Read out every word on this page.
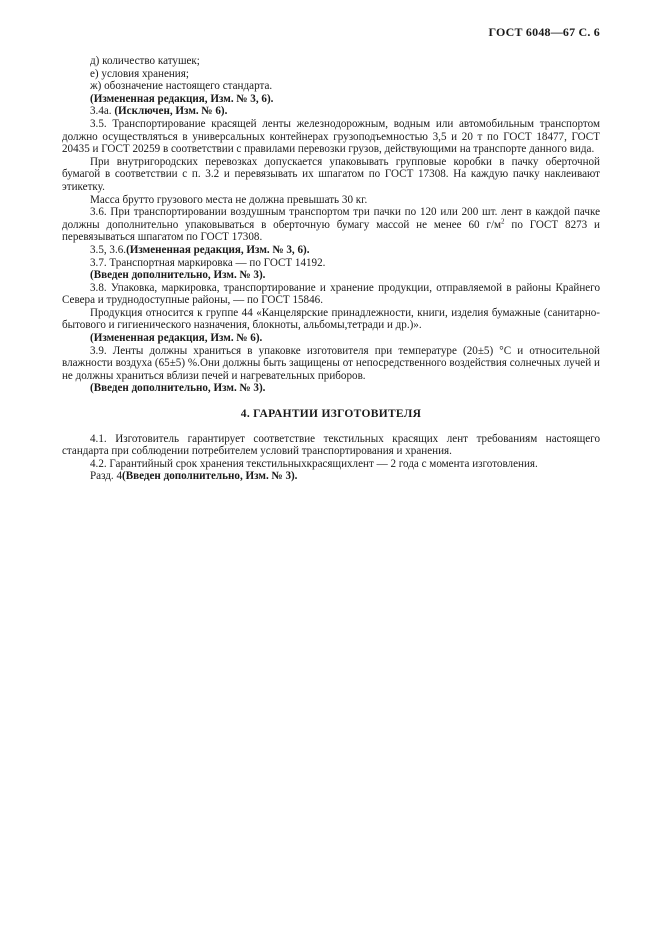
ГОСТ 6048—67 С. 6

д) количество катушек;

е) условия хранения;

ж) обозначение настоящего стандарта.

(Измененная редакция, Изм. № 3, 6).

3.4а. (Исключен, Изм. № 6).

3.5. Транспортирование красящей ленты железнодорожным, водным или автомобильным транспортом должно осуществляться в универсальных контейнерах грузоподъемностью 3,5 и 20 т по ГОСТ 18477, ГОСТ 20435 и ГОСТ 20259 в соответствии с правилами перевозки грузов, действующими на транспорте данного вида.

При внутригородских перевозках допускается упаковывать групповые коробки в пачку оберточной бумагой в соответствии с п. 3.2 и перевязывать их шпагатом по ГОСТ 17308. На каждую пачку наклеивают этикетку.

Масса брутто грузового места не должна превышать 30 кг.

3.6. При транспортировании воздушным транспортом три пачки по 120 или 200 шт. лент в каждой пачке должны дополнительно упаковываться в оберточную бумагу массой не менее 60 $г/м^2$ по ГОСТ 8273 и перевязываться шпагатом по ГОСТ 17308.

3.5, 3.6.(Измененная редакция, Изм. № 3, 6).

3.7. Транспортная маркировка — по ГОСТ 14192.

(Введен дополнительно, Изм. № 3).

3.8. Упаковка, маркировка, транспортирование и хранение продукции, отправляемой в районы Крайнего Севера и труднодоступные районы, — по ГОСТ 15846.

Продукция относится к группе 44 «Канцелярские принадлежности, книги, изделия бумажные (санитарно-бытового и гигиенического назначения, блокноты, альбомы,тетради и др.)».

(Измененная редакция, Изм. № 6).

3.9. Ленты должны храниться в упаковке изготовителя при температуре (20±5) °С и относительной влажности воздуха (65±5) %.Они должны быть защищены от непосредственного воздействия солнечных лучей и не должны храниться вблизи печей и нагревательных приборов.

(Введен дополнительно, Изм. № 3).

4. ГАРАНТИИ ИЗГОТОВИТЕЛЯ

4.1. Изготовитель гарантирует соответствие текстильных красящих лент требованиям настоящего стандарта при соблюдении потребителем условий транспортирования и хранения.

4.2. Гарантийный срок хранения текстильныхкрасящихлент — 2 года с момента изготовления.

Разд. 4(Введен дополнительно, Изм. № 3).
